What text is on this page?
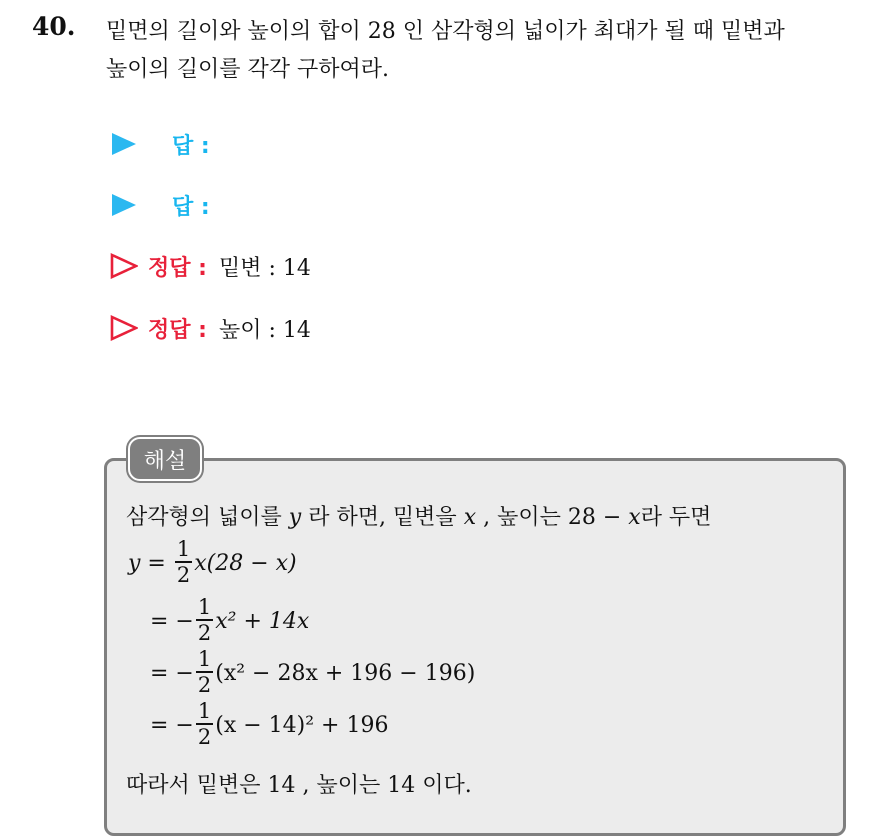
40. 밑면의 길이와 높이의 합이 28 인 삼각형의 넓이가 최대가 될 때 밑변과
높이의 길이를 각각 구하여라.
답 :
답 :
정답 : 밑변 : 14
정답 : 높이 : 14
해설
삼각형의 넓이를 y 라 하면, 밑변을 x , 높이는 28 − x라 두면
$y = \frac{1}{2} x(28 - x)$
= − $\frac{1}{2} x^2 + 14x$
= − $\frac{1}{2} (x^2 - 28x + 196 - 196)$
= − $\frac{1}{2} (x - 14)^2 + 196$
따라서 밑변은 14 , 높이는 14 이다.
